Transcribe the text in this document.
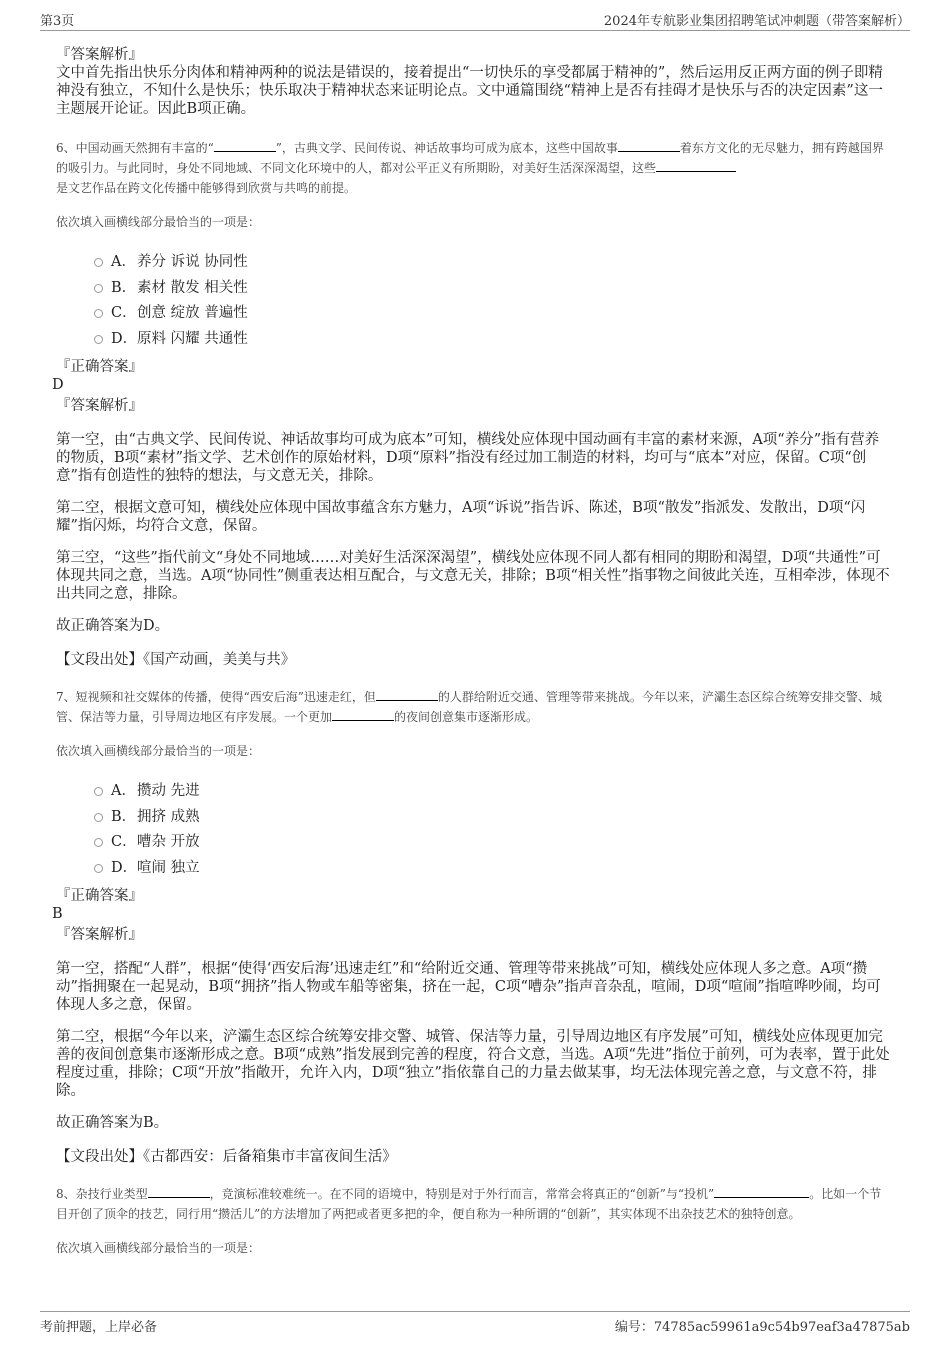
第3页	2024年专航影业集团招聘笔试冲刺题（带答案解析）

『答案解析』

文中首先指出快乐分肉体和精神两种的说法是错误的，接着提出“一切快乐的享受都属于精神的”，然后运用反正两方面的例子即精神没有独立，不知什么是快乐；快乐取决于精神状态来证明论点。文中通篇围绕“精神上是否有挂碍才是快乐与否的决定因素”这一主题展开论证。因此B项正确。

6、中国动画天然拥有丰富的“	”，古典文学、民间传说、神话故事均可成为底本，这些中国故事	着东方文化的无尽魅力，拥有跨越国界的吸引力。与此同时，身处不同地域、不同文化环境中的人，都对公平正义有所期盼，对美好生活深深渴望，这些
是文艺作品在跨文化传播中能够得到欣赏与共鸣的前提。

依次填入画横线部分最恰当的一项是：

A． 养分 诉说 协同性
B． 素材 散发 相关性
C． 创意 绽放 普遍性
D． 原料 闪耀 共通性

『正确答案』

D

『答案解析』

第一空，由“古典文学、民间传说、神话故事均可成为底本”可知，横线处应体现中国动画有丰富的素材来源，A项“养分”指有营养的物质，B项“素材”指文学、艺术创作的原始材料，D项“原料”指没有经过加工制造的材料，均可与“底本”对应，保留。C项“创意”指有创造性的独特的想法，与文意无关，排除。

第二空，根据文意可知，横线处应体现中国故事蕴含东方魅力，A项“诉说”指告诉、陈述，B项“散发”指派发、发散出，D项“闪耀”指闪烁，均符合文意，保留。

第三空，“这些”指代前文“身处不同地域……对美好生活深深渴望”，横线处应体现不同人都有相同的期盼和渴望，D项“共通性”可体现共同之意，当选。A项“协同性”侧重表达相互配合，与文意无关，排除；B项“相关性”指事物之间彼此关连，互相牵涉，体现不出共同之意，排除。

故正确答案为D。

【文段出处】《国产动画，美美与共》

7、短视频和社交媒体的传播，使得“西安后海”迅速走红，但	的人群给附近交通、管理等带来挑战。今年以来，浐灞生态区综合统筹安排交警、城管、保洁等力量，引导周边地区有序发展。一个更加	的夜间创意集市逐渐形成。

依次填入画横线部分最恰当的一项是：

A． 攒动 先进
B． 拥挤 成熟
C． 嘈杂 开放
D． 喧闹 独立

『正确答案』

B

『答案解析』

第一空，搭配“人群”，根据“使得‘西安后海’迅速走红”和“给附近交通、管理等带来挑战”可知，横线处应体现人多之意。A项“攒动”指拥聚在一起晃动，B项“拥挤”指人物或车船等密集，挤在一起，C项“嘈杂”指声音杂乱，喧闹，D项“喧闹”指喧哗吵闹，均可体现人多之意，保留。

第二空，根据“今年以来，浐灞生态区综合统筹安排交警、城管、保洁等力量，引导周边地区有序发展”可知，横线处应体现更加完善的夜间创意集市逐渐形成之意。B项“成熟”指发展到完善的程度，符合文意，当选。A项“先进”指位于前列，可为表率，置于此处程度过重，排除；C项“开放”指敞开，允许入内，D项“独立”指依靠自己的力量去做某事，均无法体现完善之意，与文意不符，排除。

故正确答案为B。

【文段出处】《古都西安：后备箱集市丰富夜间生活》

8、杂技行业类型	，竞演标准较难统一。在不同的语境中，特别是对于外行而言，常常会将真正的“创新”与“投机”	。比如一个节目开创了顶伞的技艺，同行用“攒活儿”的方法增加了两把或者更多把的伞，便自称为一种所谓的“创新”，其实体现不出杂技艺术的独特创意。

依次填入画横线部分最恰当的一项是：

考前押题，上岸必备	编号：74785ac59961a9c54b97eaf3a47875ab
